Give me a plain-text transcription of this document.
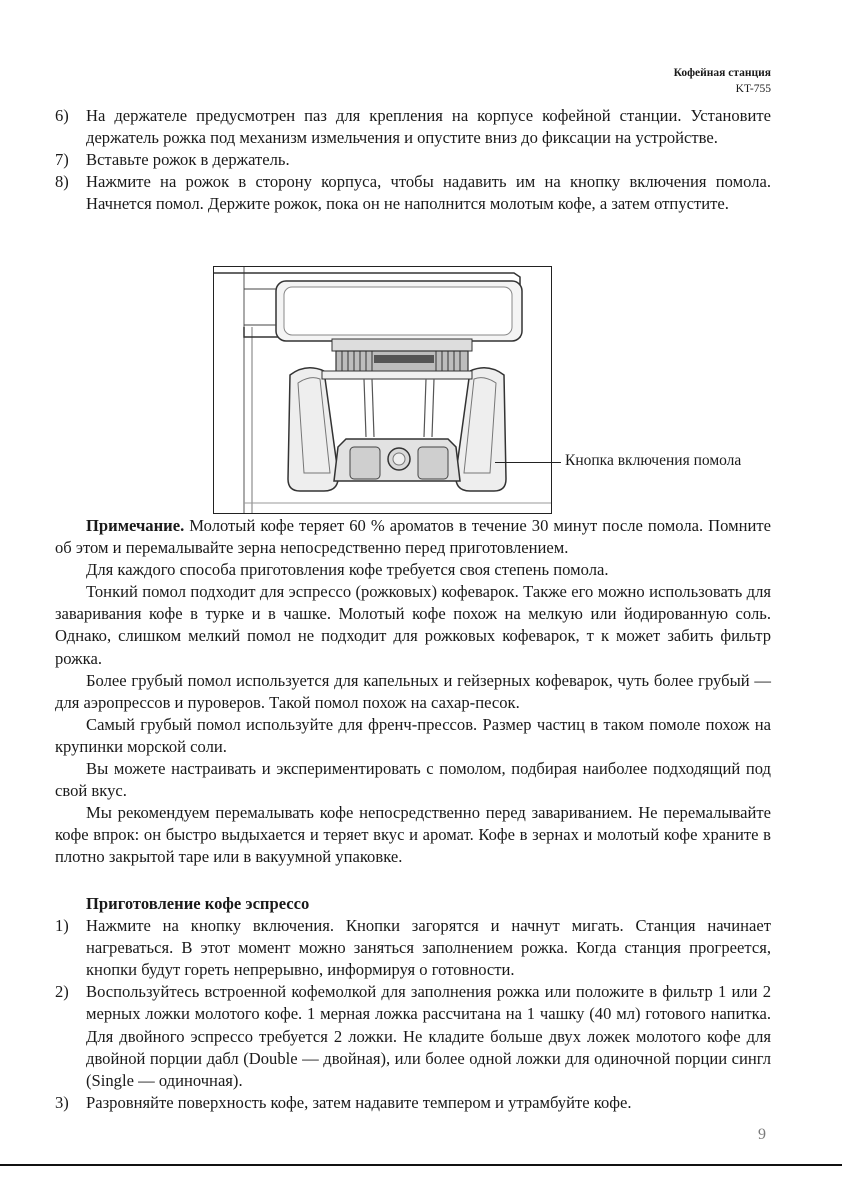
Кофейная станция
KT-755
6) На держателе предусмотрен паз для крепления на корпусе кофейной станции. Установите держатель рожка под механизм измельчения и опустите вниз до фиксации на устройстве.
7) Вставьте рожок в держатель.
8) Нажмите на рожок в сторону корпуса, чтобы надавить им на кнопку включения помола. Начнется помол. Держите рожок, пока он не наполнится молотым кофе, а затем отпустите.
Кнопка включения помола

Примечание. Молотый кофе теряет 60 % ароматов в течение 30 минут после помола. Помните об этом и перемалывайте зерна непосредственно перед приготовлением.

Для каждого способа приготовления кофе требуется своя степень помола.

Тонкий помол подходит для эспрессо (рожковых) кофеварок. Также его можно использовать для заваривания кофе в турке и в чашке. Молотый кофе похож на мелкую или йодированную соль. Однако, слишком мелкий помол не подходит для рожковых кофеварок, т к может забить фильтр рожка.

Более грубый помол используется для капельных и гейзерных кофеварок, чуть более грубый — для аэропрессов и пуроверов. Такой помол похож на сахар-песок.

Самый грубый помол используйте для френч-прессов. Размер частиц в таком помоле похож на крупинки морской соли.

Вы можете настраивать и экспериментировать с помолом, подбирая наиболее подходящий под свой вкус.

Мы рекомендуем перемалывать кофе непосредственно перед завариванием. Не перемалывайте кофе впрок: он быстро выдыхается и теряет вкус и аромат. Кофе в зернах и молотый кофе храните в плотно закрытой таре или в вакуумной упаковке.

Приготовление кофе эспрессо

1) Нажмите на кнопку включения. Кнопки загорятся и начнут мигать. Станция начинает нагреваться. В этот момент можно заняться заполнением рожка. Когда станция прогреется, кнопки будут гореть непрерывно, информируя о готовности.
2) Воспользуйтесь встроенной кофемолкой для заполнения рожка или положите в фильтр 1 или 2 мерных ложки молотого кофе. 1 мерная ложка рассчитана на 1 чашку (40 мл) готового напитка. Для двойного эспрессо требуется 2 ложки. Не кладите больше двух ложек молотого кофе для двойной порции дабл (Double — двойная), или более одной ложки для одиночной порции сингл (Single — одиночная).
3) Разровняйте поверхность кофе, затем надавите темпером и утрамбуйте кофе.
9
